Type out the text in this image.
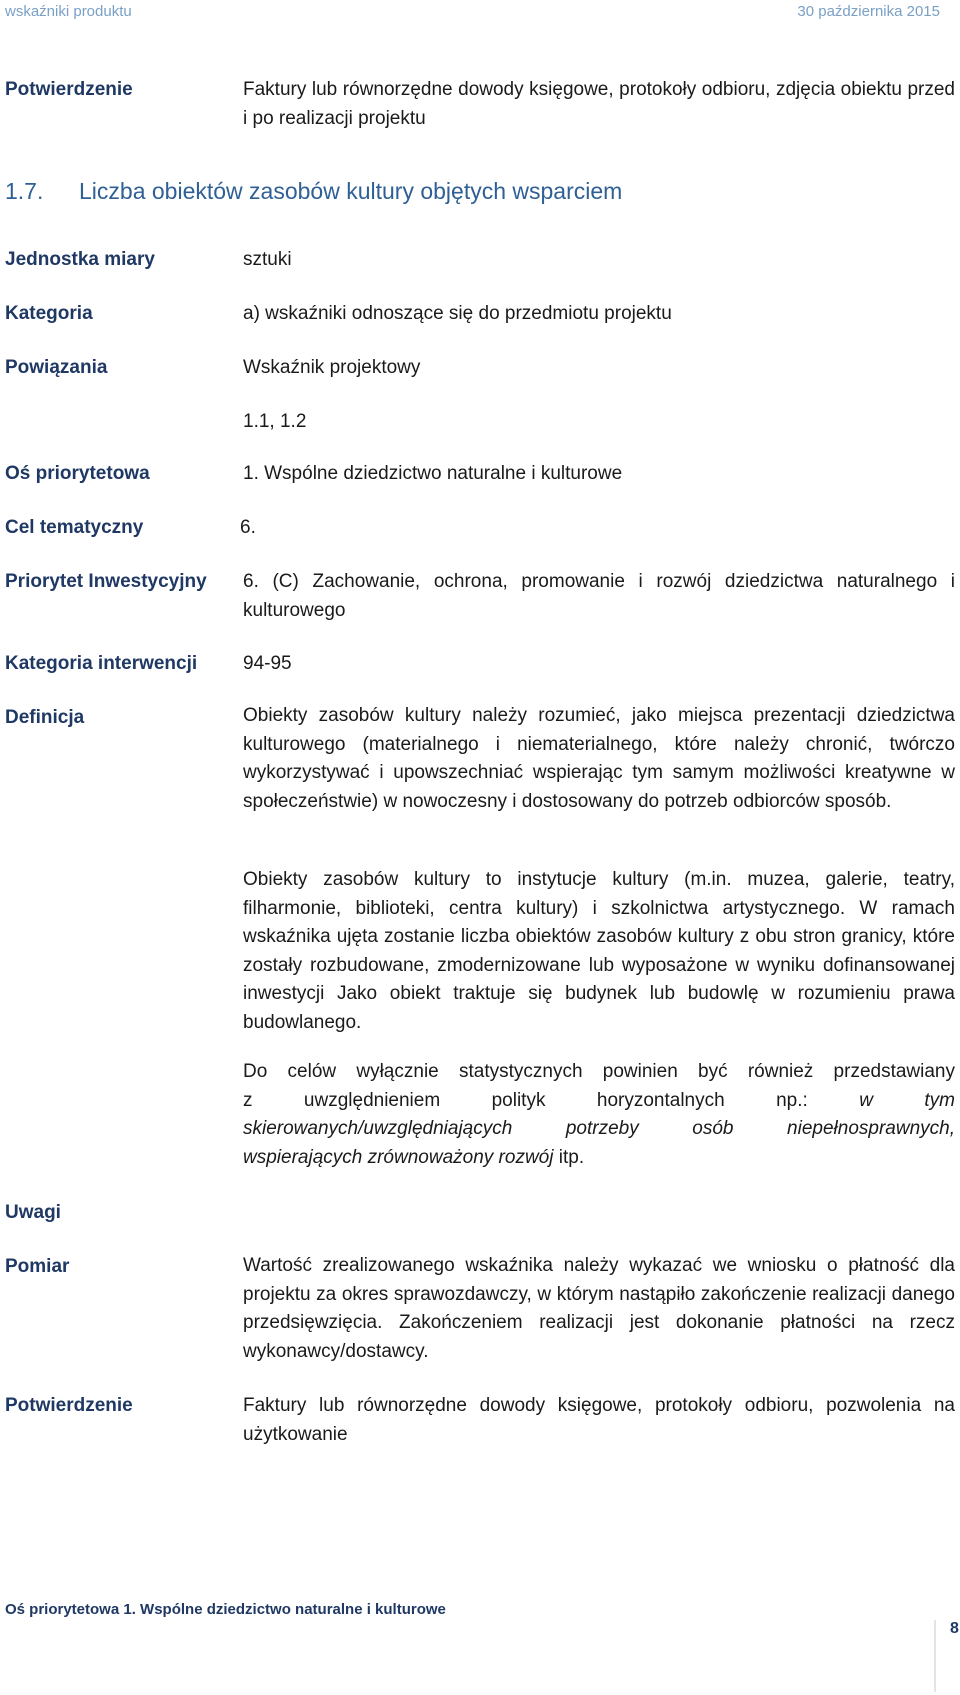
wskaźniki produktu	30 października 2015
Potwierdzenie	Faktury lub równorzędne dowody księgowe, protokoły odbioru, zdjęcia obiektu przed i po realizacji projektu
1.7. Liczba obiektów zasobów kultury objętych wsparciem
Jednostka miary	sztuki
Kategoria	a) wskaźniki odnoszące się do przedmiotu projektu
Powiązania	Wskaźnik projektowy
1.1, 1.2
Oś priorytetowa	1. Wspólne dziedzictwo naturalne i kulturowe
Cel tematyczny	6.
Priorytet Inwestycyjny 6. (C) Zachowanie, ochrona, promowanie i rozwój dziedzictwa naturalnego i kulturowego
Kategoria interwencji 94-95
Definicja	Obiekty zasobów kultury należy rozumieć, jako miejsca prezentacji dziedzictwa kulturowego (materialnego i niematerialnego, które należy chronić, twórczo wykorzystywać i upowszechniać wspierając tym samym możliwości kreatywne w społeczeństwie) w nowoczesny i dostosowany do potrzeb odbiorców sposób.
Obiekty zasobów kultury to instytucje kultury (m.in. muzea, galerie, teatry, filharmonie, biblioteki, centra kultury) i szkolnictwa artystycznego. W ramach wskaźnika ujęta zostanie liczba obiektów zasobów kultury z obu stron granicy, które zostały rozbudowane, zmodernizowane lub wyposażone w wyniku dofinansowanej inwestycji Jako obiekt traktuje się budynek lub budowlę w rozumieniu prawa budowlanego.
Do celów wyłącznie statystycznych powinien być również przedstawiany
z uwzględnieniem polityk horyzontalnych np.: w tym
skierowanych/uwzględniających potrzeby osób niepełnosprawnych,
wspierających zrównoważony rozwój itp.
Uwagi
Pomiar	Wartość zrealizowanego wskaźnika należy wykazać we wniosku o płatność dla projektu za okres sprawozdawczy, w którym nastąpiło zakończenie realizacji danego przedsięwzięcia. Zakończeniem realizacji jest dokonanie płatności na rzecz wykonawcy/dostawcy.
Potwierdzenie	Faktury lub równorzędne dowody księgowe, protokoły odbioru, pozwolenia na użytkowanie
Oś priorytetowa 1. Wspólne dziedzictwo naturalne i kulturowe
8
